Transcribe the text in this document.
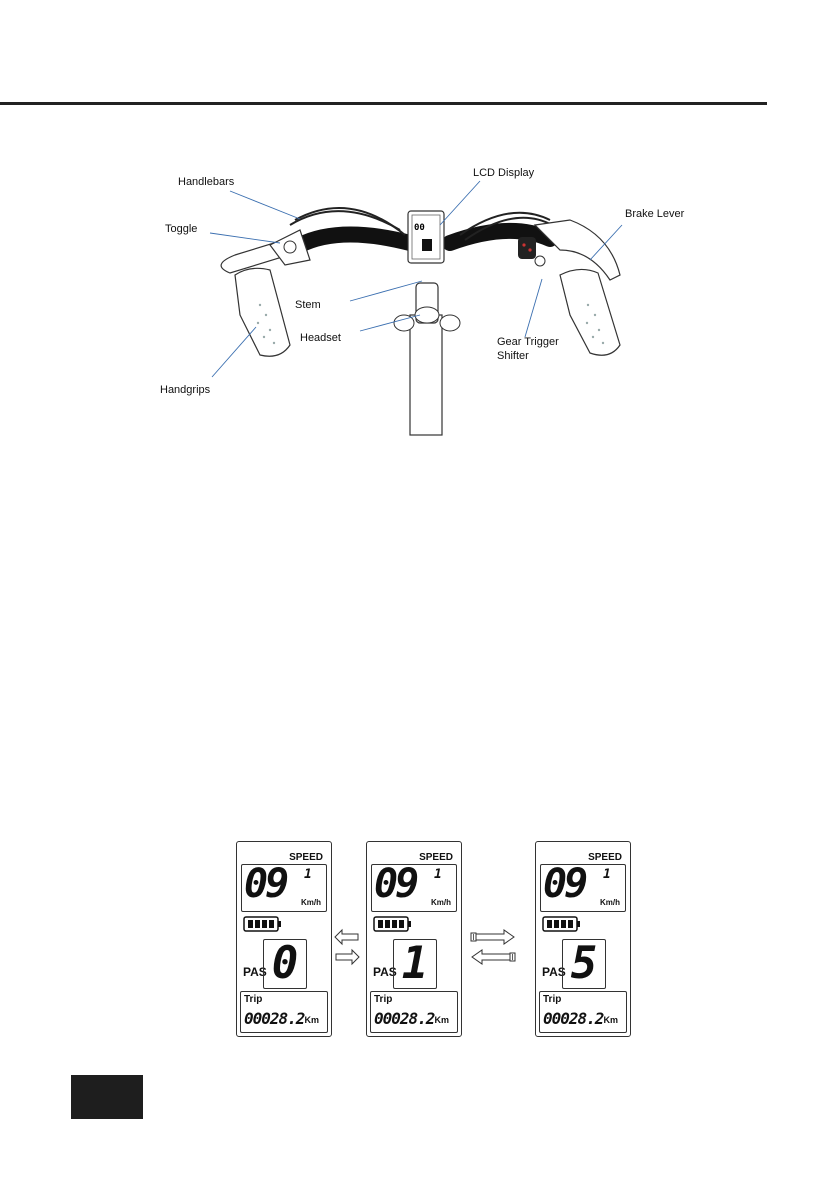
00
Handlebars
Toggle
Stem
Headset
Handgrips
LCD Display
Brake Lever
Gear Trigger
Shifter
SPEED
09 1
Km/h
PAS 0
Trip
00028.2 Km
SPEED
09 1
Km/h
PAS 1
Trip
00028.2 Km
SPEED
09 1
Km/h
PAS 5
Trip
00028.2 Km
